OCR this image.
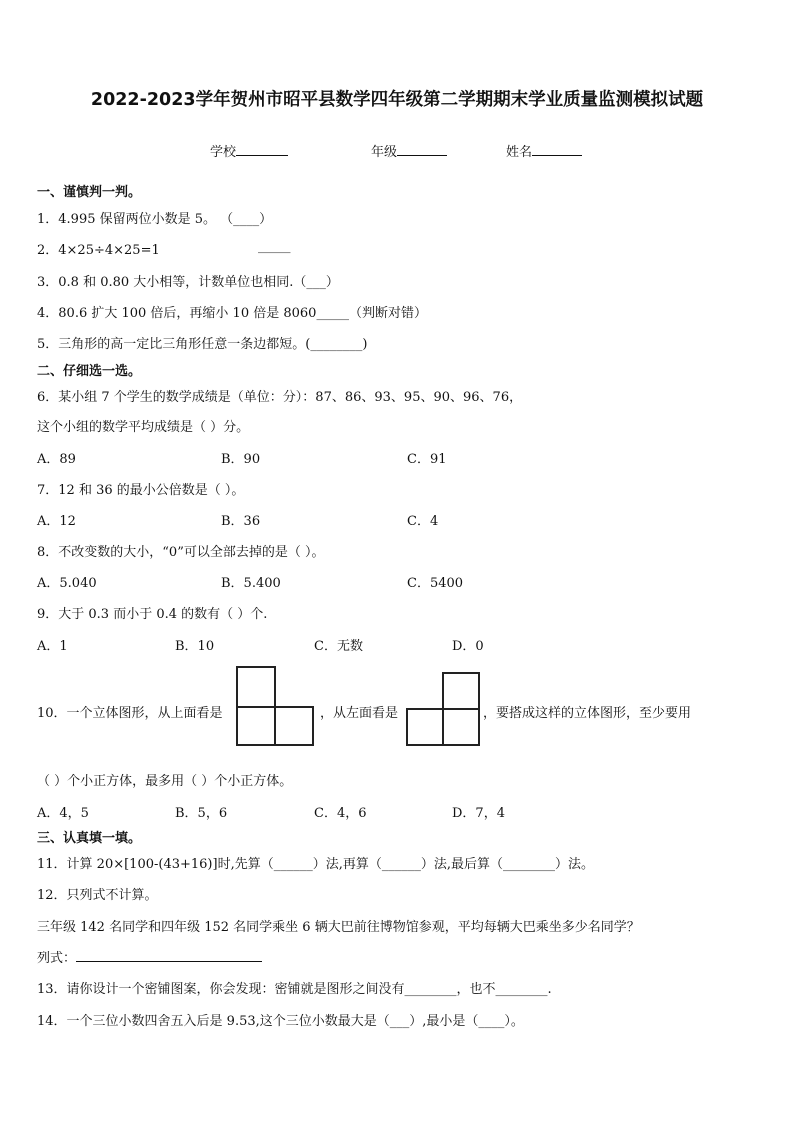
2022-2023学年贺州市昭平县数学四年级第二学期期末学业质量监测模拟试题
学校	年级	姓名
一、谨慎判一判。
1．4.995 保留两位小数是 5。 （____）
2．4×25÷4×25=1	_____
3．0.8 和 0.80 大小相等，计数单位也相同.（___）
4．80.6 扩大 100 倍后，再缩小 10 倍是 8060_____（判断对错）
5．三角形的高一定比三角形任意一条边都短。(________)
二、仔细选一选。
6．某小组 7 个学生的数学成绩是（单位：分）：87、86、93、95、90、96、76，
这个小组的数学平均成绩是（ ）分。
A．89	B．90	C．91
7．12 和 36 的最小公倍数是（ ）。
A．12	B．36	C．4
8．不改变数的大小，“0”可以全部去掉的是（ ）。
A．5.040	B．5.400	C．5400
9．大于 0.3 而小于 0.4 的数有（ ）个.
A．1	B．10	C．无数	D．0
10．一个立体图形，从上面看是	，从左面看是	，要搭成这样的立体图形，至少要用
（ ）个小正方体，最多用（ ）个小正方体。
A．4，5	B．5，6	C．4，6	D．7，4
三、认真填一填。
11．计算 20×[100-(43+16)]时,先算（______）法,再算（______）法,最后算（________）法。
12．只列式不计算。
三年级 142 名同学和四年级 152 名同学乘坐 6 辆大巴前往博物馆参观，平均每辆大巴乘坐多少名同学？
列式：
13．请你设计一个密铺图案，你会发现：密铺就是图形之间没有________，也不________.
14．一个三位小数四舍五入后是 9.53,这个三位小数最大是（___）,最小是（____）。
